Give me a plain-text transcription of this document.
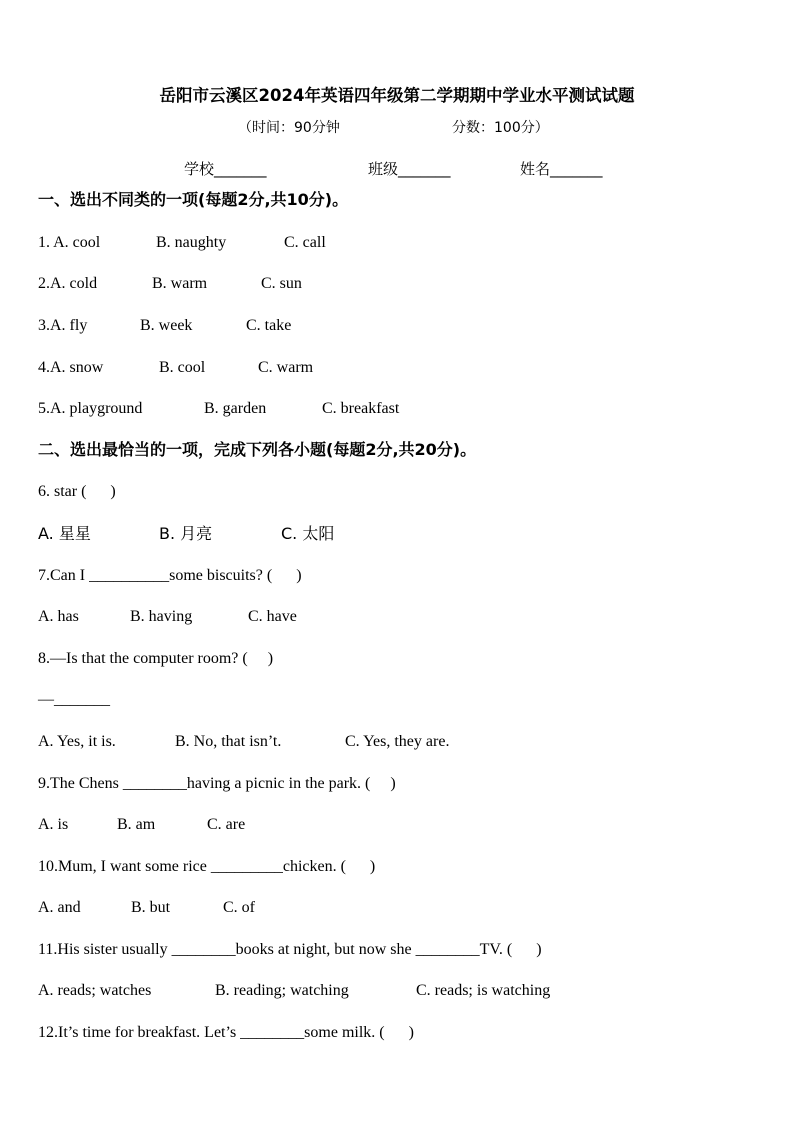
岳阳市云溪区2024年英语四年级第二学期期中学业水平测试试题
（时间：90分钟	分数：100分）
学校_______	班级_______	姓名_______
一、选出不同类的一项(每题2分,共10分)。
1. A. cool	B. naughty	C. call
2.A. cold	B. warm	C. sun
3.A. fly	B. week	C. take
4.A. snow	B. cool	C. warm
5.A. playground	B. garden	C. breakfast
二、选出最恰当的一项，完成下列各小题(每题2分,共20分)。
6. star (      )
A. 星星	B. 月亮	C. 太阳
7.Can I __________some biscuits? (      )
A. has	B. having	C. have
8.—Is that the computer room? (     )
—_______
A. Yes, it is.	B. No, that isn’t.	C. Yes, they are.
9.The Chens ________having a picnic in the park. (     )
A. is	B. am	C. are
10.Mum, I want some rice _________chicken. (      )
A. and	B. but	C. of
11.His sister usually ________books at night, but now she ________TV. (      )
A. reads; watches	B. reading; watching	C. reads; is watching
12.It’s time for breakfast. Let’s ________some milk. (      )
